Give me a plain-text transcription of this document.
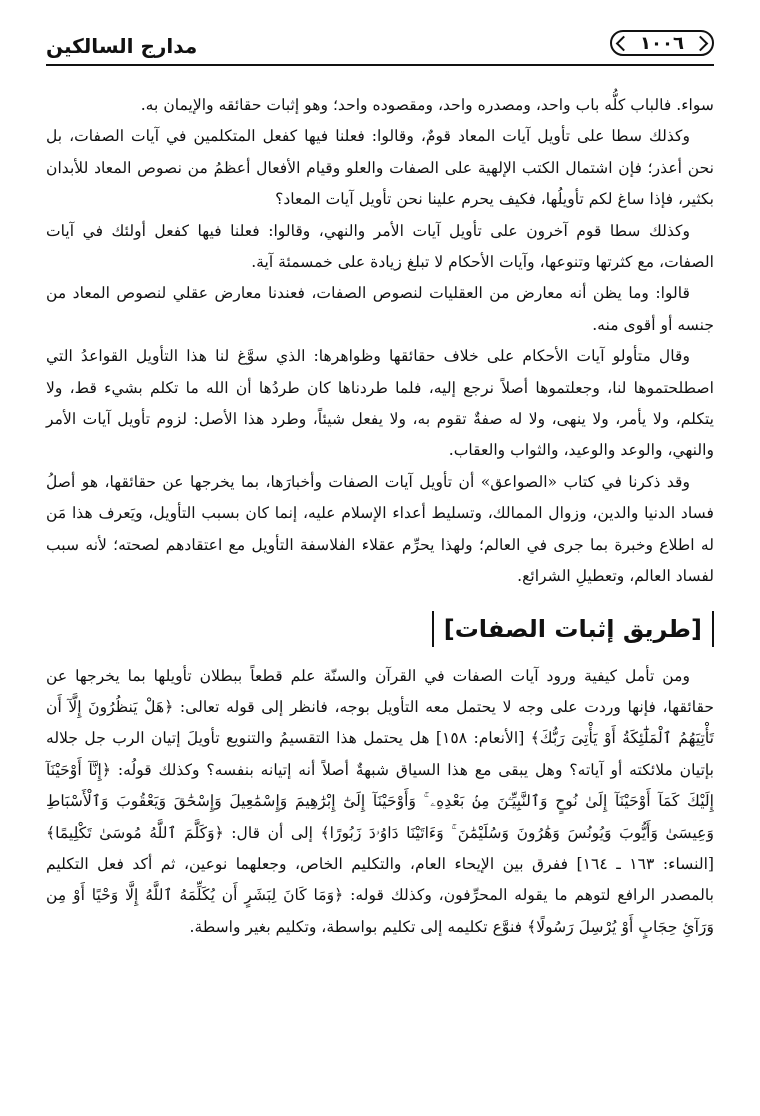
مدارج السالكين	١٠٠٦

سواء. فالباب كلُّه باب واحد، ومصدره واحد، ومقصوده واحد؛ وهو إثبات حقائقه والإيمان به.

وكذلك سطا على تأويل آيات المعاد قومٌ، وقالوا: فعلنا فيها كفعل المتكلمين في آيات الصفات، بل نحن أعذر؛ فإن اشتمال الكتب الإلهية على الصفات والعلو وقيام الأفعال أعظمُ من نصوص المعاد للأبدان بكثير، فإذا ساغ لكم تأويلُها، فكيف يحرم علينا نحن تأويل آيات المعاد؟

وكذلك سطا قوم آخرون على تأويل آيات الأمر والنهي، وقالوا: فعلنا فيها كفعل أولئك في آيات الصفات، مع كثرتها وتنوعها، وآيات الأحكام لا تبلغ زيادة على خمسمئة آية.

قالوا: وما يظن أنه معارض من العقليات لنصوص الصفات، فعندنا معارض عقلي لنصوص المعاد من جنسه أو أقوى منه.

وقال متأولو آيات الأحكام على خلاف حقائقها وظواهرها: الذي سوَّغ لنا هذا التأويل القواعدُ التي اصطلحتموها لنا، وجعلتموها أصلاً نرجع إليه، فلما طردناها كان طردُها أن الله ما تكلم بشيء قط، ولا يتكلم، ولا يأمر، ولا ينهى، ولا له صفةٌ تقوم به، ولا يفعل شيئاً، وطرد هذا الأصل: لزوم تأويل آيات الأمر والنهي، والوعد والوعيد، والثواب والعقاب.

وقد ذكرنا في كتاب «الصواعق» أن تأويل آيات الصفات وأخبارَها، بما يخرجها عن حقائقها، هو أصلُ فساد الدنيا والدين، وزوال الممالك، وتسليط أعداء الإسلام عليه، إنما كان بسبب التأويل، ويَعرف هذا مَن له اطلاع وخبرة بما جرى في العالم؛ ولهذا يحرِّم عقلاء الفلاسفة التأويل مع اعتقادهم لصحته؛ لأنه سبب لفساد العالم، وتعطيلِ الشرائع.

[طريق إثبات الصفات]

ومن تأمل كيفية ورود آيات الصفات في القرآن والسنّة علم قطعاً ببطلان تأويلها بما يخرجها عن حقائقها، فإنها وردت على وجه لا يحتمل معه التأويل بوجه، فانظر إلى قوله تعالى: ﴿هَلْ يَنظُرُونَ إِلَّآ أَن تَأْتِيَهُمُ ٱلْمَلَٰٓئِكَةُ أَوْ يَأْتِىَ رَبُّكَ﴾ [الأنعام: ١٥٨] هل يحتمل هذا التقسيمُ والتنويع تأويلَ إتيان الرب جل جلاله بإتيان ملائكته أو آياته؟ وهل يبقى مع هذا السياق شبهةٌ أصلاً أنه إتيانه بنفسه؟ وكذلك قولُه: ﴿إِنَّآ أَوْحَيْنَآ إِلَيْكَ كَمَآ أَوْحَيْنَآ إِلَىٰ نُوحٍ وَٱلنَّبِيِّـۧنَ مِنۢ بَعْدِهِۦ ۚ وَأَوْحَيْنَآ إِلَىٰٓ إِبْرَٰهِيمَ وَإِسْمَٰعِيلَ وَإِسْحَٰقَ وَيَعْقُوبَ وَٱلْأَسْبَاطِ وَعِيسَىٰ وَأَيُّوبَ وَيُونُسَ وَهَٰرُونَ وَسُلَيْمَٰنَ ۚ وَءَاتَيْنَا دَاوُۥدَ زَبُورًا﴾ إلى أن قال: ﴿وَكَلَّمَ ٱللَّهُ مُوسَىٰ تَكْلِيمًا﴾ [النساء: ١٦٣ ـ ١٦٤] ففرق بين الإيحاء العام، والتكليم الخاص، وجعلهما نوعين، ثم أكد فعل التكليم بالمصدر الرافع لتوهم ما يقوله المحرِّفون، وكذلك قوله: ﴿وَمَا كَانَ لِبَشَرٍ أَن يُكَلِّمَهُ ٱللَّهُ إِلَّا وَحْيًا أَوْ مِن وَرَآئِ حِجَابٍ أَوْ يُرْسِلَ رَسُولًا﴾ فنوَّع تكليمه إلى تكليم بواسطة، وتكليم بغير واسطة.
